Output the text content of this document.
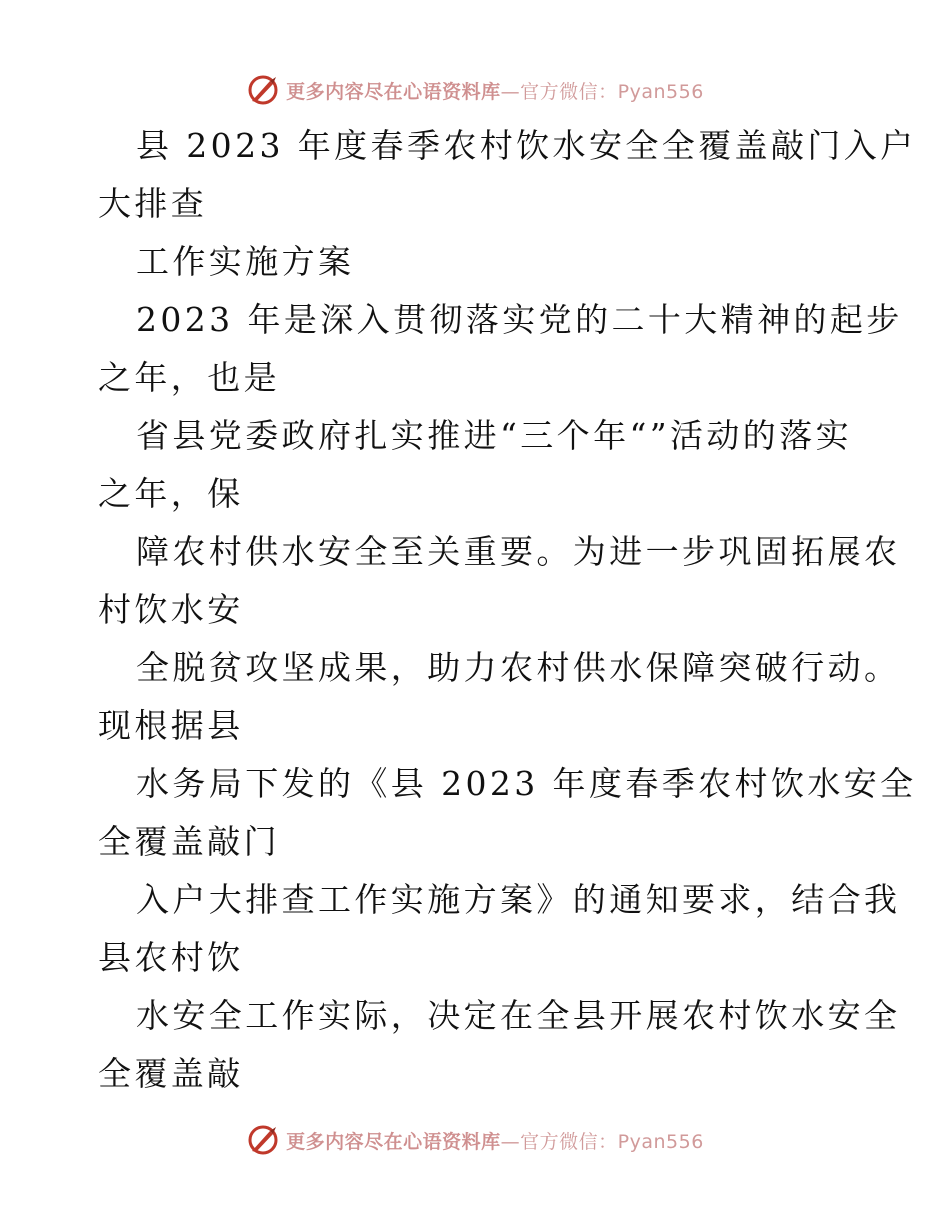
更多内容尽在心语资料库—官方微信：Pyan556
县 2023 年度春季农村饮水安全全覆盖敲门入户
大排查
工作实施方案
2023 年是深入贯彻落实党的二十大精神的起步
之年，也是
省县党委政府扎实推进“三个年“”活动的落实
之年，保
障农村供水安全至关重要。为进一步巩固拓展农
村饮水安
全脱贫攻坚成果，助力农村供水保障突破行动。
现根据县
水务局下发的《县 2023 年度春季农村饮水安全
全覆盖敲门
入户大排查工作实施方案》的通知要求，结合我
县农村饮
水安全工作实际，决定在全县开展农村饮水安全
全覆盖敲
更多内容尽在心语资料库—官方微信：Pyan556
